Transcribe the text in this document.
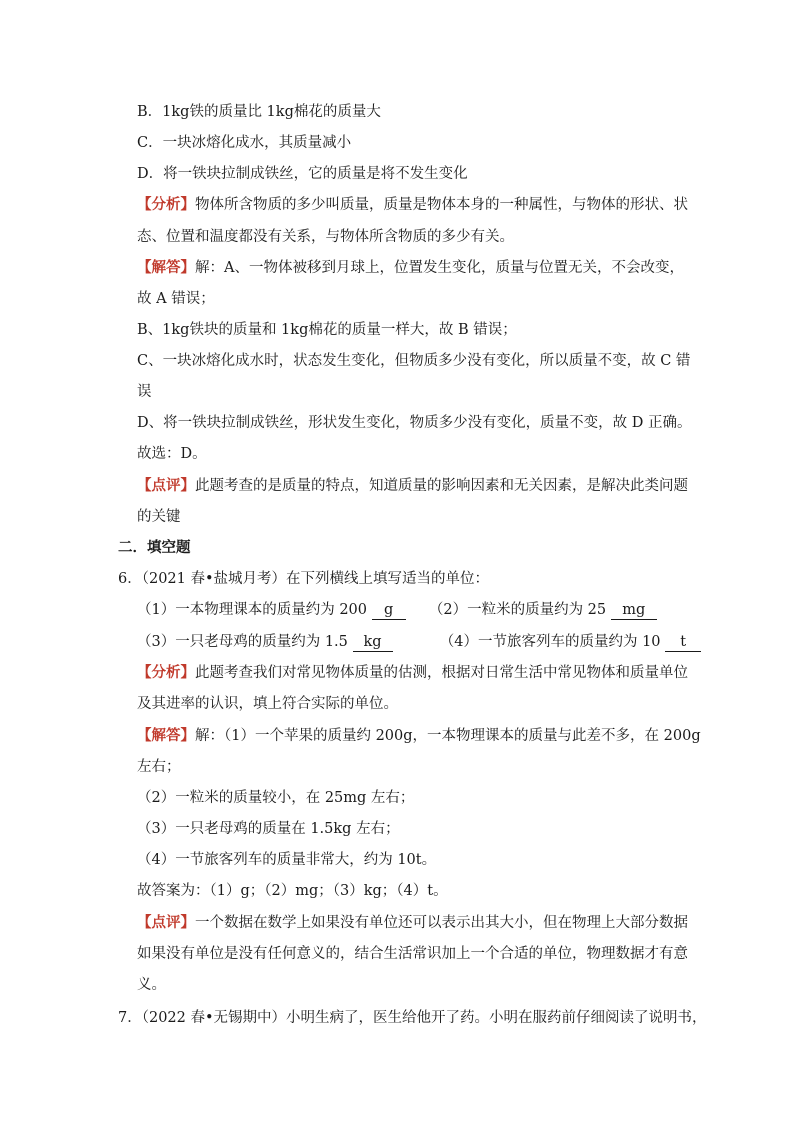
B．1kg铁的质量比 1kg棉花的质量大
C．一块冰熔化成水，其质量减小
D．将一铁块拉制成铁丝，它的质量是将不发生变化
【分析】物体所含物质的多少叫质量，质量是物体本身的一种属性，与物体的形状、状
态、位置和温度都没有关系，与物体所含物质的多少有关。
【解答】解：A、一物体被移到月球上，位置发生变化，质量与位置无关，不会改变，
故 A 错误；
B、1kg铁块的质量和 1kg棉花的质量一样大，故 B 错误；
C、一块冰熔化成水时，状态发生变化，但物质多少没有变化，所以质量不变，故 C 错
误
D、将一铁块拉制成铁丝，形状发生变化，物质多少没有变化，质量不变，故 D 正确。
故选：D。
【点评】此题考查的是质量的特点，知道质量的影响因素和无关因素，是解决此类问题
的关键
二．填空题
6．（2021 春•盐城月考）在下列横线上填写适当的单位：
（1）一本物理课本的质量约为 200 g （2）一粒米的质量约为 25 mg
（3）一只老母鸡的质量约为 1.5 kg	（4）一节旅客列车的质量约为 10 t
【分析】此题考查我们对常见物体质量的估测，根据对日常生活中常见物体和质量单位
及其进率的认识，填上符合实际的单位。
【解答】解：（1）一个苹果的质量约 200g，一本物理课本的质量与此差不多，在 200g
左右；
（2）一粒米的质量较小，在 25mg 左右；
（3）一只老母鸡的质量在 1.5kg 左右；
（4）一节旅客列车的质量非常大，约为 10t。
故答案为：（1）g；（2）mg；（3）kg；（4）t。
【点评】一个数据在数学上如果没有单位还可以表示出其大小，但在物理上大部分数据
如果没有单位是没有任何意义的，结合生活常识加上一个合适的单位，物理数据才有意
义。
7．（2022 春•无锡期中）小明生病了，医生给他开了药。小明在服药前仔细阅读了说明书，
